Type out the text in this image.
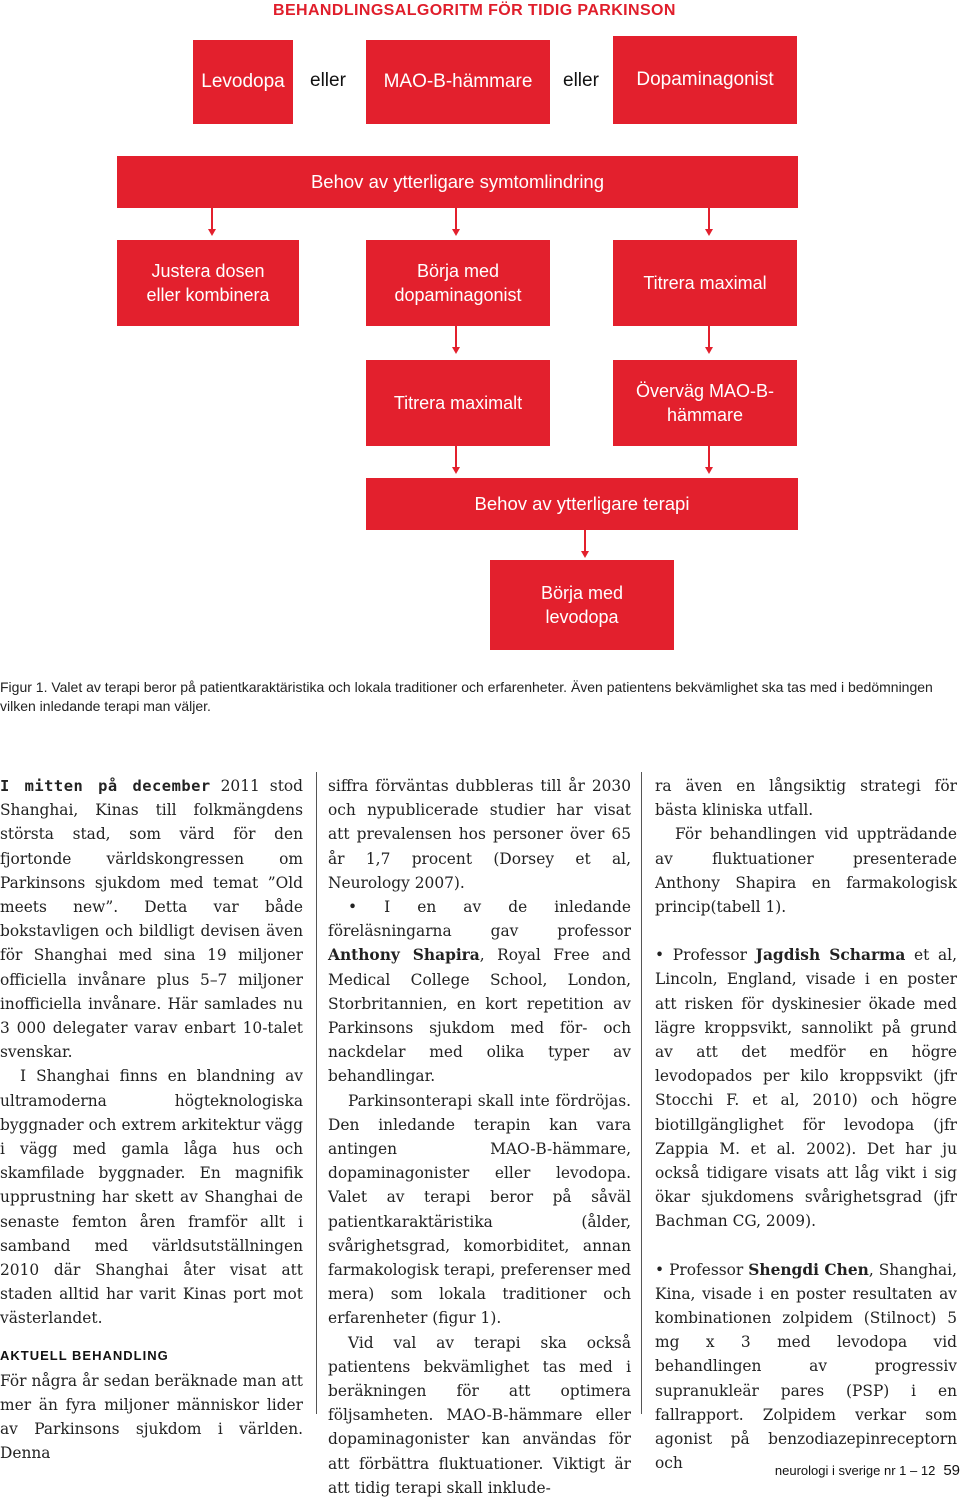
BEHANDLINGSALGORITM FÖR TIDIG PARKINSON
Levodopa	eller	MAO-B-hämmare	eller	Dopaminagonist
Behov av ytterligare symtomlindring
Justera dosen eller kombinera
Börja med dopaminagonist
Titrera maximal
Titrera maximalt
Överväg MAO-B-hämmare
Behov av ytterligare terapi
Börja med levodopa
Figur 1. Valet av terapi beror på patientkaraktäristika och lokala traditioner och erfarenheter. Även patientens bekvämlighet ska tas med i bedömningen vilken inledande terapi man väljer.

I mitten på december 2011 stod Shanghai, Kinas till folkmängdens största stad, som värd för den fjortonde världskongressen om Parkinsons sjukdom med temat ”Old meets new”. Detta var både bokstavligen och bildligt devisen även för Shanghai med sina 19 miljoner officiella invånare plus 5–7 miljoner inofficiella invånare. Här samlades nu 3 000 delegater varav enbart 10-talet svenskar.

I Shanghai finns en blandning av ultramoderna högteknologiska byggnader och extrem arkitektur vägg i vägg med gamla låga hus och skamfilade byggnader. En magnifik upprustning har skett av Shanghai de senaste femton åren framför allt i samband med världsutställningen 2010 där Shanghai åter visat att staden alltid har varit Kinas port mot västerlandet.

AKTUELL BEHANDLING

För några år sedan beräknade man att mer än fyra miljoner människor lider av Parkinsons sjukdom i världen. Denna

siffra förväntas dubbleras till år 2030 och nypublicerade studier har visat att prevalensen hos personer över 65 år 1,7 procent (Dorsey et al, Neurology 2007).

• I en av de inledande föreläsningarna gav professor Anthony Shapira, Royal Free and Medical College School, London, Storbritannien, en kort repetition av Parkinsons sjukdom med för- och nackdelar med olika typer av behandlingar.

Parkinsonterapi skall inte fördröjas. Den inledande terapin kan vara antingen MAO-B-hämmare, dopaminagonister eller levodopa. Valet av terapi beror på såväl patientkaraktäristika (ålder, svårighetsgrad, komorbiditet, annan farmakologisk terapi, preferenser med mera) som lokala traditioner och erfarenheter (figur 1).

Vid val av terapi ska också patientens bekvämlighet tas med i beräkningen för att optimera följsamheten. MAO-B-hämmare eller dopaminagonister kan användas för att förbättra fluktuationer. Viktigt är att tidig terapi skall inklude-

ra även en långsiktig strategi för bästa kliniska utfall.

För behandlingen vid uppträdande av fluktuationer presenterade Anthony Shapira en farmakologisk princip(tabell 1).

• Professor Jagdish Scharma et al, Lincoln, England, visade i en poster att risken för dyskinesier ökade med lägre kroppsvikt, sannolikt på grund av att det medför en högre levodopados per kilo kroppsvikt (jfr Stocchi F. et al, 2010) och högre biotillgänglighet för levodopa (jfr Zappia M. et al. 2002). Det har ju också tidigare visats att låg vikt i sig ökar sjukdomens svårighetsgrad (jfr Bachman CG, 2009).

• Professor Shengdi Chen, Shanghai, Kina, visade i en poster resultaten av kombinationen zolpidem (Stilnoct) 5 mg x 3 med levodopa vid behandlingen av progressiv supranukleär pares (PSP) i en fallrapport. Zolpidem verkar som agonist på benzodiazepinreceptorn och	neurologi i sverige nr 1 – 12 59
